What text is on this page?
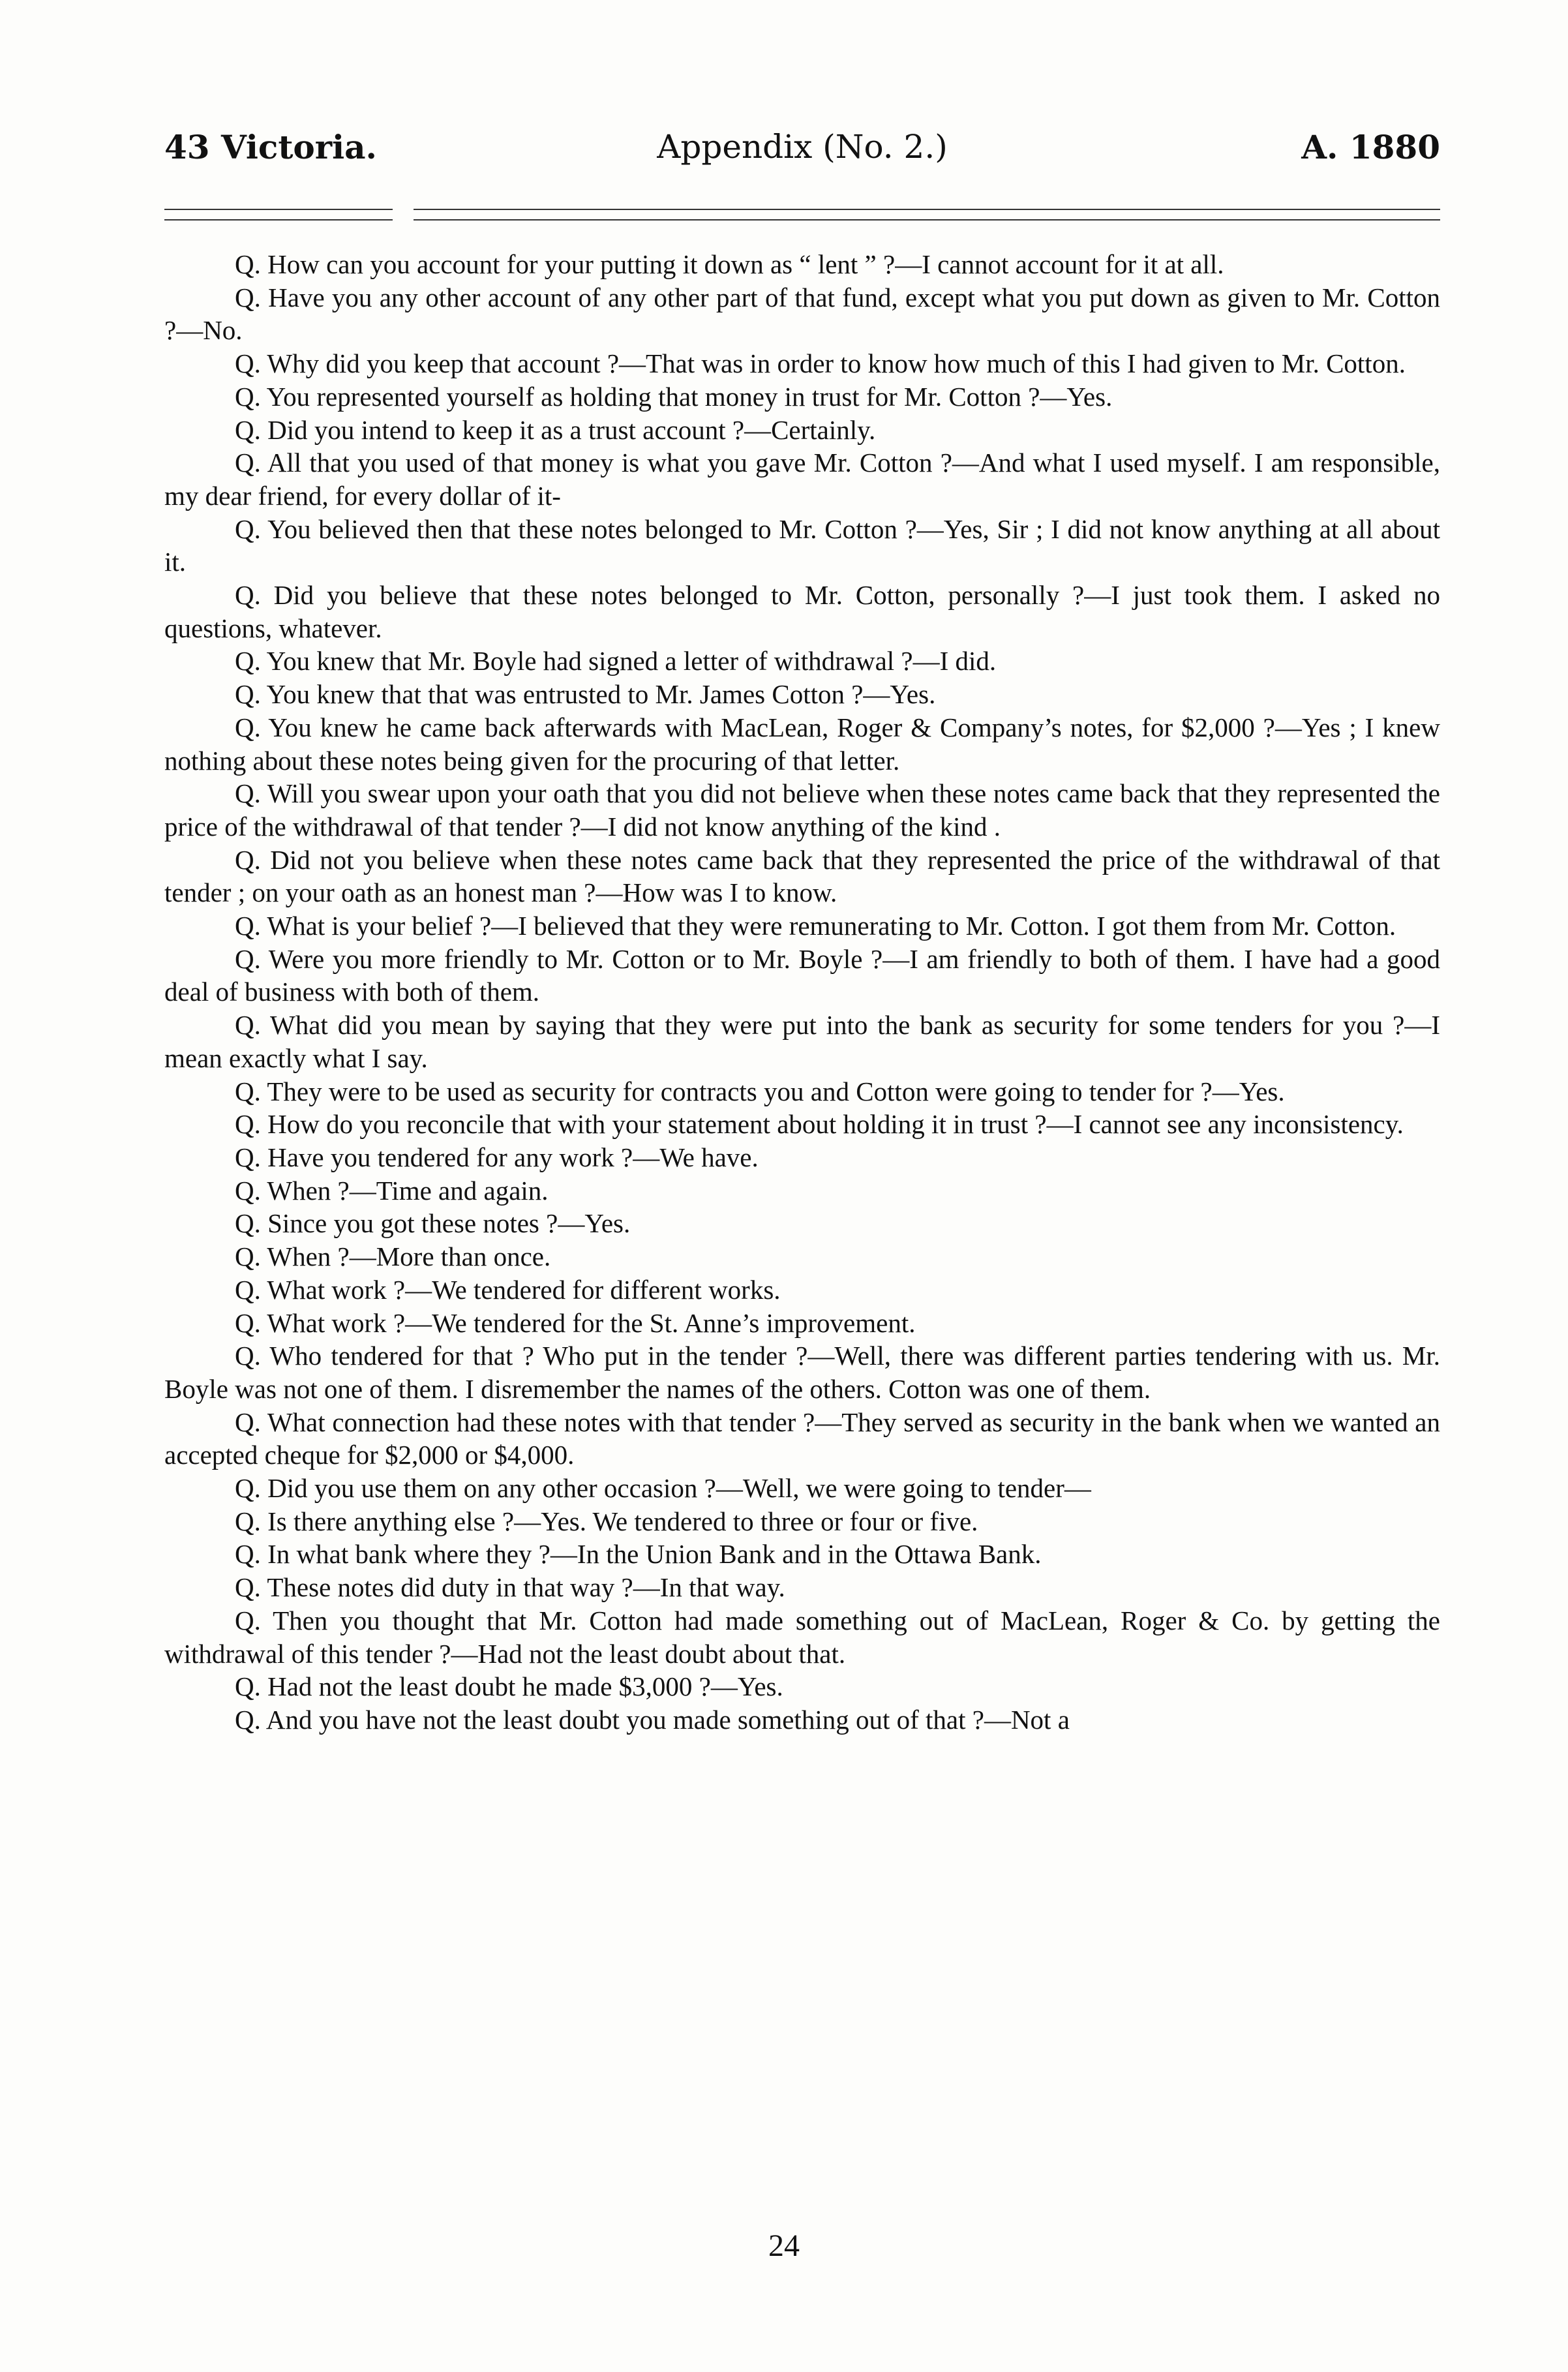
43 Victoria.	Appendix (No. 2.)	A. 1880

Q. How can you account for your putting it down as “ lent ” ?—I cannot account for it at all.

Q. Have you any other account of any other part of that fund, except what you put down as given to Mr. Cotton ?—No.

Q. Why did you keep that account ?—That was in order to know how much of this I had given to Mr. Cotton.

Q. You represented yourself as holding that money in trust for Mr. Cotton ?—Yes.

Q. Did you intend to keep it as a trust account ?—Certainly.

Q. All that you used of that money is what you gave Mr. Cotton ?—And what I used myself. I am responsible, my dear friend, for every dollar of it-

Q. You believed then that these notes belonged to Mr. Cotton ?—Yes, Sir ; I did not know anything at all about it.

Q. Did you believe that these notes belonged to Mr. Cotton, personally ?—I just took them. I asked no questions, whatever.

Q. You knew that Mr. Boyle had signed a letter of withdrawal ?—I did.

Q. You knew that that was entrusted to Mr. James Cotton ?—Yes.

Q. You knew he came back afterwards with MacLean, Roger & Company’s notes, for $2,000 ?—Yes ; I knew nothing about these notes being given for the procuring of that letter.

Q. Will you swear upon your oath that you did not believe when these notes came back that they represented the price of the withdrawal of that tender ?—I did not know anything of the kind .

Q. Did not you believe when these notes came back that they represented the price of the withdrawal of that tender ; on your oath as an honest man ?—How was I to know.

Q. What is your belief ?—I believed that they were remunerating to Mr. Cotton. I got them from Mr. Cotton.

Q. Were you more friendly to Mr. Cotton or to Mr. Boyle ?—I am friendly to both of them. I have had a good deal of business with both of them.

Q. What did you mean by saying that they were put into the bank as security for some tenders for you ?—I mean exactly what I say.

Q. They were to be used as security for contracts you and Cotton were going to tender for ?—Yes.

Q. How do you reconcile that with your statement about holding it in trust ?—I cannot see any inconsistency.

Q. Have you tendered for any work ?—We have.

Q. When ?—Time and again.

Q. Since you got these notes ?—Yes.

Q. When ?—More than once.

Q. What work ?—We tendered for different works.

Q. What work ?—We tendered for the St. Anne’s improvement.

Q. Who tendered for that ? Who put in the tender ?—Well, there was different parties tendering with us. Mr. Boyle was not one of them. I disremember the names of the others. Cotton was one of them.

Q. What connection had these notes with that tender ?—They served as security in the bank when we wanted an accepted cheque for $2,000 or $4,000.

Q. Did you use them on any other occasion ?—Well, we were going to tender—

Q. Is there anything else ?—Yes. We tendered to three or four or five.

Q. In what bank where they ?—In the Union Bank and in the Ottawa Bank.

Q. These notes did duty in that way ?—In that way.

Q. Then you thought that Mr. Cotton had made something out of MacLean, Roger & Co. by getting the withdrawal of this tender ?—Had not the least doubt about that.

Q. Had not the least doubt he made $3,000 ?—Yes.

Q. And you have not the least doubt you made something out of that ?—Not a

24
